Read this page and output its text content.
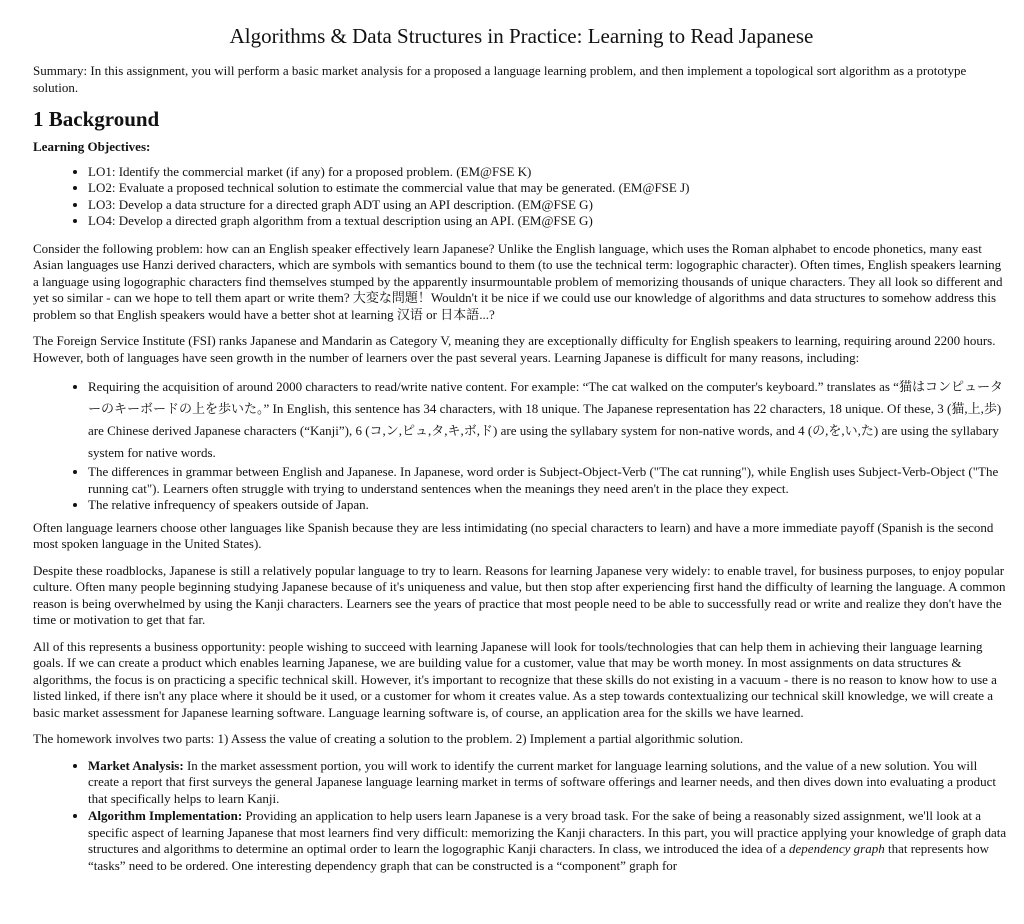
Algorithms & Data Structures in Practice: Learning to Read Japanese

Summary: In this assignment, you will perform a basic market analysis for a proposed a language learning problem, and then implement a topological sort algorithm as a prototype solution.

1 Background
Learning Objectives:
• LO1: Identify the commercial market (if any) for a proposed problem. (EM@FSE K)
• LO2: Evaluate a proposed technical solution to estimate the commercial value that may be generated. (EM@FSE J)
• LO3: Develop a data structure for a directed graph ADT using an API description. (EM@FSE G)
• LO4: Develop a directed graph algorithm from a textual description using an API. (EM@FSE G)

Consider the following problem: how can an English speaker effectively learn Japanese? Unlike the English language, which uses the Roman alphabet to encode phonetics, many east Asian languages use Hanzi derived characters, which are symbols with semantics bound to them (to use the technical term: logographic character). Often times, English speakers learning a language using logographic characters find themselves stumped by the apparently insurmountable problem of memorizing thousands of unique characters. They all look so different and yet so similar - can we hope to tell them apart or write them? 大変な問題！Wouldn't it be nice if we could use our knowledge of algorithms and data structures to somehow address this problem so that English speakers would have a better shot at learning 汉语 or 日本語...?

The Foreign Service Institute (FSI) ranks Japanese and Mandarin as Category V, meaning they are exceptionally difficulty for English speakers to learning, requiring around 2200 hours. However, both of languages have seen growth in the number of learners over the past several years. Learning Japanese is difficult for many reasons, including:

• Requiring the acquisition of around 2000 characters to read/write native content. For example: “The cat walked on the computer's keyboard.” translates as “猫はコンピューターのキーボードの上を歩いた。” In English, this sentence has 34 characters, with 18 unique. The Japanese representation has 22 characters, 18 unique. Of these, 3 (猫,上,歩) are Chinese derived Japanese characters (“Kanji”), 6 (コ,ン,ピュ,タ,キ,ボ,ド) are using the syllabary system for non-native words, and 4 (の,を,い,た) are using the syllabary system for native words.
• The differences in grammar between English and Japanese. In Japanese, word order is Subject-Object-Verb ("The cat running"), while English uses Subject-Verb-Object ("The running cat"). Learners often struggle with trying to understand sentences when the meanings they need aren't in the place they expect.
• The relative infrequency of speakers outside of Japan.

Often language learners choose other languages like Spanish because they are less intimidating (no special characters to learn) and have a more immediate payoff (Spanish is the second most spoken language in the United States).

Despite these roadblocks, Japanese is still a relatively popular language to try to learn. Reasons for learning Japanese very widely: to enable travel, for business purposes, to enjoy popular culture. Often many people beginning studying Japanese because of it's uniqueness and value, but then stop after experiencing first hand the difficulty of learning the language. A common reason is being overwhelmed by using the Kanji characters. Learners see the years of practice that most people need to be able to successfully read or write and realize they don't have the time or motivation to get that far.

All of this represents a business opportunity: people wishing to succeed with learning Japanese will look for tools/technologies that can help them in achieving their language learning goals. If we can create a product which enables learning Japanese, we are building value for a customer, value that may be worth money. In most assignments on data structures & algorithms, the focus is on practicing a specific technical skill. However, it's important to recognize that these skills do not existing in a vacuum - there is no reason to know how to use a listed linked, if there isn't any place where it should be it used, or a customer for whom it creates value. As a step towards contextualizing our technical skill knowledge, we will create a basic market assessment for Japanese learning software. Language learning software is, of course, an application area for the skills we have learned.

The homework involves two parts: 1) Assess the value of creating a solution to the problem. 2) Implement a partial algorithmic solution.

• Market Analysis: In the market assessment portion, you will work to identify the current market for language learning solutions, and the value of a new solution. You will create a report that first surveys the general Japanese language learning market in terms of software offerings and learner needs, and then dives down into evaluating a product that specifically helps to learn Kanji.
• Algorithm Implementation: Providing an application to help users learn Japanese is a very broad task. For the sake of being a reasonably sized assignment, we'll look at a specific aspect of learning Japanese that most learners find very difficult: memorizing the Kanji characters. In this part, you will practice applying your knowledge of graph data structures and algorithms to determine an optimal order to learn the logographic Kanji characters. In class, we introduced the idea of a dependency graph that represents how “tasks” need to be ordered. One interesting dependency graph that can be constructed is a “component” graph for
